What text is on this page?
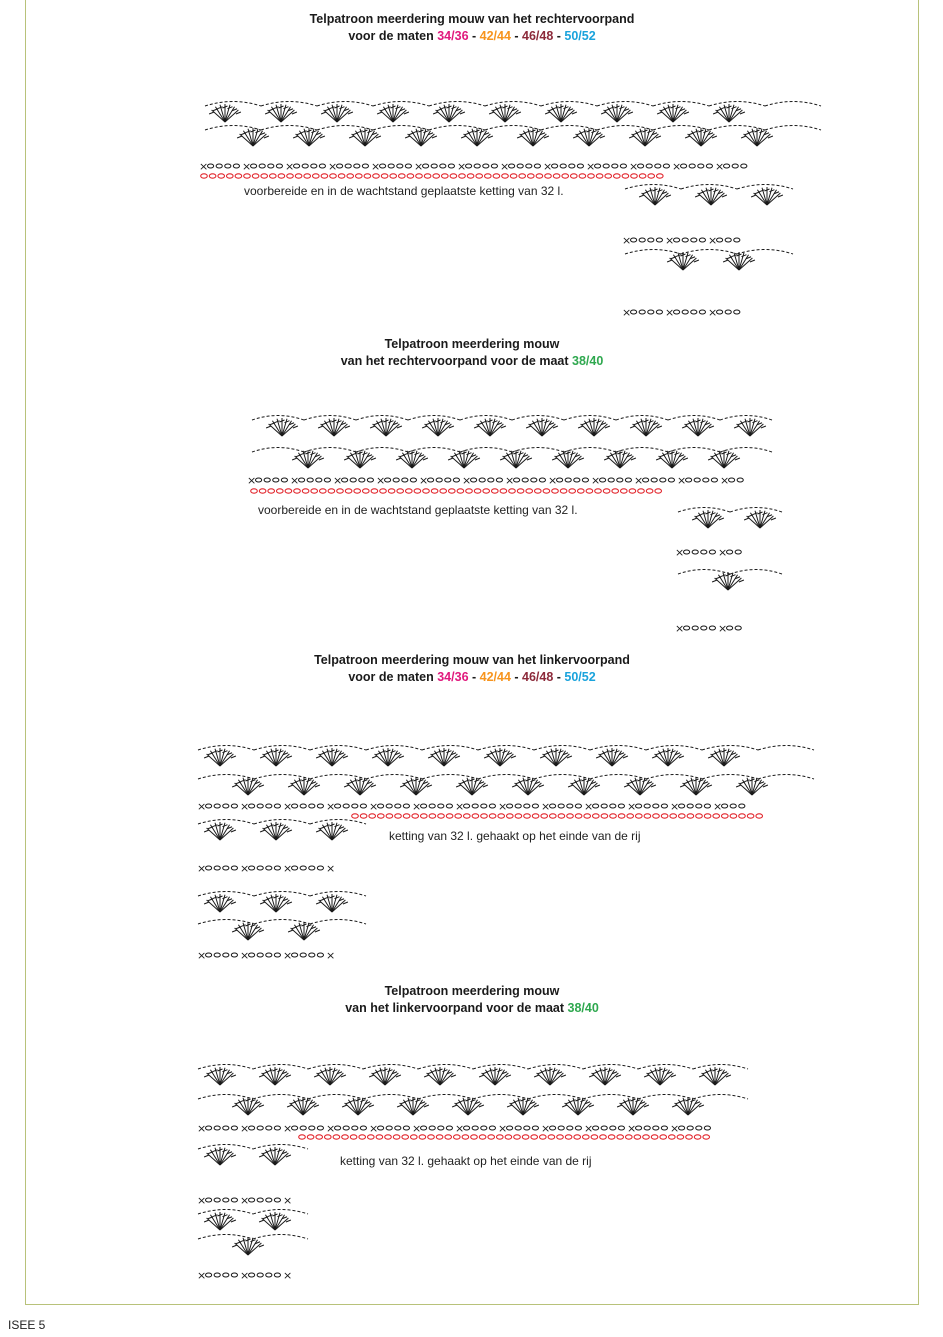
×	×	×	×	×	×	×	×	×	×	×	×	×
×	×	×
×	×	×
×	×	×	×	×	×	×	×	×	×	×	×
×	×
×	×
×	×	×	×	×	×	×	×	×	×	×	×	×
×	×	×	×
×	×	×	×
×	×	×	×	×	×	×	×	×	×	×	×
×	×	×
×	×	×
Telpatroon meerdering mouw van het rechtervoorpand
voor de maten 34/36 - 42/44 - 46/48 - 50/52
voorbereide en in de wachtstand geplaatste ketting van 32 l.
Telpatroon meerdering mouw
van het rechtervoorpand voor de maat 38/40
voorbereide en in de wachtstand geplaatste ketting van 32 l.
Telpatroon meerdering mouw van het linkervoorpand
voor de maten 34/36 - 42/44 - 46/48 - 50/52
ketting van 32 l. gehaakt op het einde van de rij
Telpatroon meerdering mouw
van het linkervoorpand voor de maat 38/40
ketting van 32 l. gehaakt op het einde van de rij
ISEE 5
